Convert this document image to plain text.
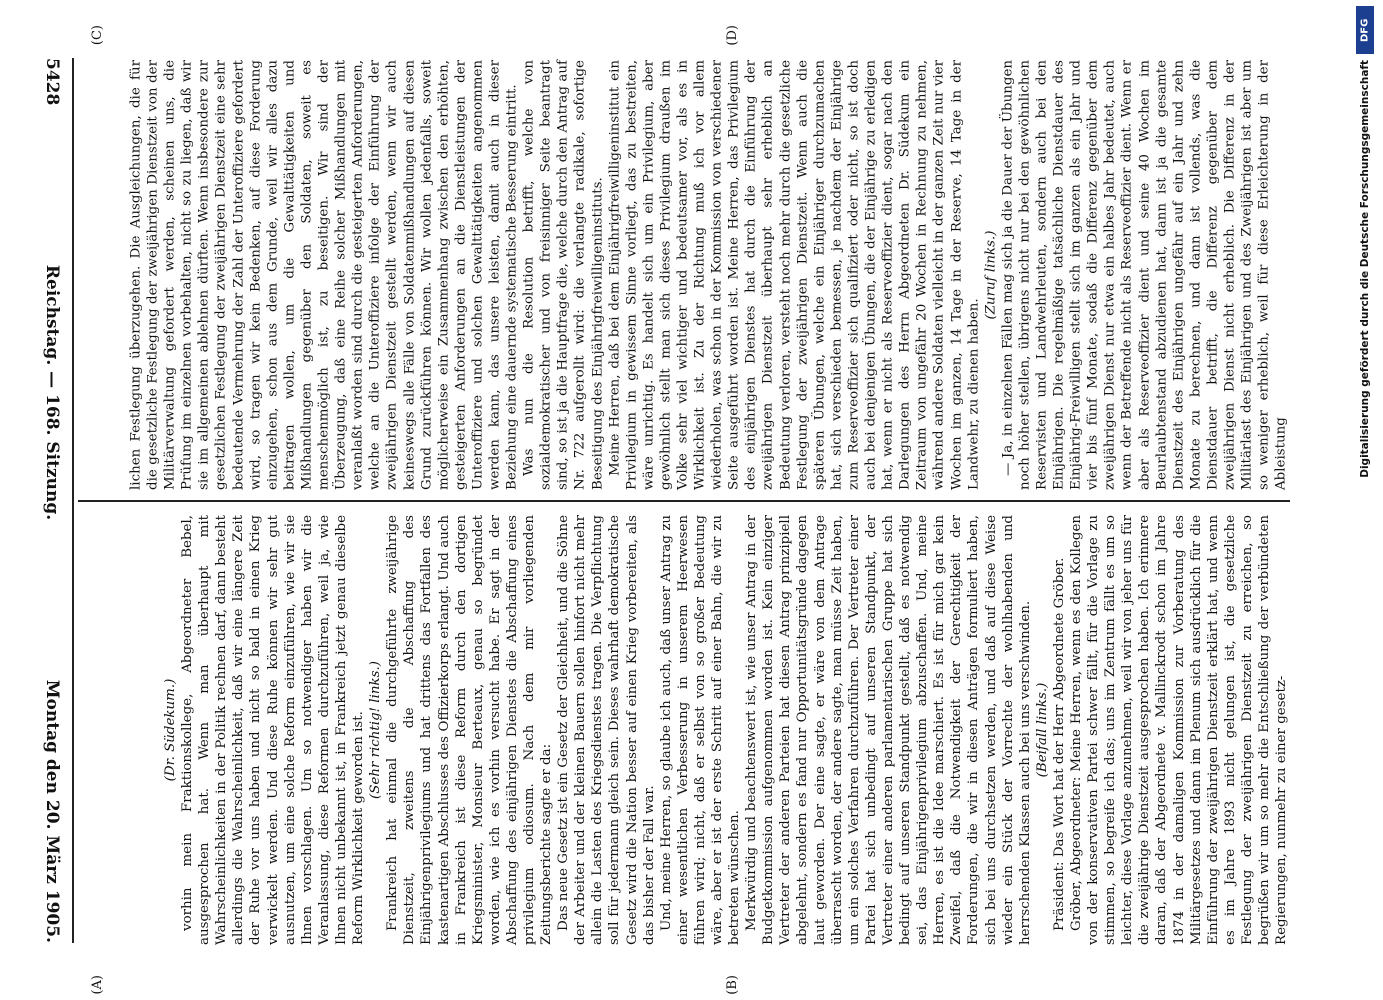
5428
Reichstag. — 168. Sitzung.
Montag den 20. März 1905.	(Dr. Südekum.) vorhin mein Fraktionskollege, Abgeordneter Bebel, ausgesprochen hat. Wenn man überhaupt mit Wahrscheinlichkeiten in der Politik rechnen darf, dann besteht allerdings die Wahrscheinlichkeit, daß wir eine längere Zeit der Ruhe vor uns haben und nicht so bald in einen Krieg verwickelt werden. Und diese Ruhe können wir sehr gut ausnutzen, um eine solche Reform einzuführen, wie wir sie Ihnen vorschlagen. Um so notwendiger haben wir die Veranlassung, diese Reformen durchzuführen, weil ja, wie Ihnen nicht unbekannt ist, in Frankreich jetzt genau dieselbe Reform Wirklichkeit geworden ist. (Sehr richtig! links.) Frankreich hat einmal die durchgeführte zweijährige Dienstzeit, zweitens die Abschaffung des Einjährigenprivilegiums und hat drittens das Fortfallen des kastenartigen Abschlusses des Offizierkorps erlangt. Und auch in Frankreich ist diese Reform durch den dortigen Kriegsminister, Monsieur Berteaux, genau so begründet worden, wie ich es vorhin versucht habe. Er sagt in der Abschaffung des einjährigen Dienstes die Abschaffung eines privilegium odiosum. Nach dem mir vorliegenden Zeitungsberichte sagte er da: Das neue Gesetz ist ein Gesetz der Gleichheit, und die Söhne der Arbeiter und der kleinen Bauern sollen hinfort nicht mehr allein die Lasten des Kriegsdienstes tragen. Die Verpflichtung soll für jedermann gleich sein. Dieses wahrhaft demokratische Gesetz wird die Nation besser auf einen Krieg vorbereiten, als das bisher der Fall war. Und, meine Herren, so glaube ich auch, daß unser Antrag zu einer wesentlichen Verbesserung in unserem Heerwesen führen wird; nicht, daß er selbst von so großer Bedeutung wäre, aber er ist der erste Schritt auf einer Bahn, die wir zu betreten wünschen. Merkwürdig und beachtenswert ist, wie unser Antrag in der Budgetkommission aufgenommen worden ist. Kein einziger Vertreter der anderen Parteien hat diesen Antrag prinzipiell abgelehnt, sondern es fand nur Opportunitätsgründe dagegen laut geworden. Der eine sagte, er wäre von dem Antrage überrascht worden, der andere sagte, man müsse Zeit haben, um ein solches Verfahren durchzuführen. Der Vertreter einer Partei hat sich unbedingt auf unseren Standpunkt, der Vertreter einer anderen parlamentarischen Gruppe hat sich bedingt auf unseren Standpunkt gestellt, daß es notwendig sei, das Einjährigenprivilegium abzuschaffen. Und, meine Herren, es ist die Idee marschiert. Es ist für mich gar kein Zweifel, daß die Notwendigkeit der Gerechtigkeit der Forderungen, die wir in diesen Anträgen formuliert haben, sich bei uns durchsetzen werden, und daß auf diese Weise wieder ein Stück der Vorrechte der wohlhabenden und herrschenden Klassen auch bei uns verschwinden. (Beifall links.) Präsident: Das Wort hat der Herr Abgeordnete Gröber. Gröber, Abgeordneter: Meine Herren, wenn es den Kollegen von der konservativen Partei schwer fällt, für die Vorlage zu stimmen, so begreife ich das; uns im Zentrum fällt es um so leichter, diese Vorlage anzunehmen, weil wir von jeher uns für die zweijährige Dienstzeit ausgesprochen haben. Ich erinnere daran, daß der Abgeordnete v. Mallinckrodt schon im Jahre 1874 in der damaligen Kommission zur Vorberatung des Militärgesetzes und dann im Plenum sich ausdrücklich für die Einführung der zweijährigen Dienstzeit erklärt hat, und wenn es im Jahre 1893 nicht gelungen ist, die gesetzliche Festlegung der zweijährigen Dienstzeit zu erreichen, so begrüßen wir um so mehr die Entschließung der verbündeten Regierungen, nunmehr zu einer gesetz-

lichen Festlegung überzugehen. Die Ausgleichungen, die für die gesetzliche Festlegung der zweijährigen Dienstzeit von der Militärverwaltung gefordert werden, scheinen uns, die Prüfung im einzelnen vorbehalten, nicht so zu liegen, daß wir sie im allgemeinen ablehnen dürften. Wenn insbesondere zur gesetzlichen Festlegung der zweijährigen Dienstzeit eine sehr bedeutende Vermehrung der Zahl der Unteroffiziere gefordert wird, so tragen wir kein Bedenken, auf diese Forderung einzugehen, schon aus dem Grunde, weil wir alles dazu beitragen wollen, um die Gewalttätigkeiten und Mißhandlungen gegenüber den Soldaten, soweit es menschenmöglich ist, zu beseitigen. Wir sind der Überzeugung, daß eine Reihe solcher Mißhandlungen mit veranlaßt worden sind durch die gesteigerten Anforderungen, welche an die Unteroffiziere infolge der Einführung der zweijährigen Dienstzeit gestellt werden, wenn wir auch keineswegs alle Fälle von Soldatenmißhandlungen auf diesen Grund zurückführen können. Wir wollen jedenfalls, soweit möglicherweise ein Zusammenhang zwischen den erhöhten, gesteigerten Anforderungen an die Dienstleistungen der Unteroffiziere und solchen Gewalttätigkeiten angenommen werden kann, das unsere leisten, damit auch in dieser Beziehung eine dauernde systematische Besserung eintritt. Was nun die Resolution betrifft, welche von sozialdemokratischer und von freisinniger Seite beantragt sind, so ist ja die Hauptfrage die, welche durch den Antrag auf Nr. 722 aufgerollt wird: die verlangte radikale, sofortige Beseitigung des Einjährigfreiwilligeninstituts. Meine Herren, daß bei dem Einjährigfreiwilligeninstitut ein Privilegium in gewissem Sinne vorliegt, das zu bestreiten, wäre unrichtig. Es handelt sich um ein Privilegium, aber gewöhnlich stellt man sich dieses Privilegium draußen im Volke sehr viel wichtiger und bedeutsamer vor, als es in Wirklichkeit ist. Zu der Richtung muß ich vor allem wiederholen, was schon in der Kommission von verschiedener Seite ausgeführt worden ist. Meine Herren, das Privilegium des einjährigen Dienstes hat durch die Einführung der zweijährigen Dienstzeit überhaupt sehr erheblich an Bedeutung verloren, versteht noch mehr durch die gesetzliche Festlegung der zweijährigen Dienstzeit. Wenn auch die späteren Übungen, welche ein Einjähriger durchzumachen hat, sich verschieden bemessen, je nachdem der Einjährige zum Reserveoffizier sich qualifiziert oder nicht, so ist doch auch bei denjenigen Übungen, die der Einjährige zu erledigen hat, wenn er nicht als Reserveoffizier dient, sogar nach den Darlegungen des Herrn Abgeordneten Dr. Südekum ein Zeitraum von ungefähr 20 Wochen in Rechnung zu nehmen, während andere Soldaten vielleicht in der ganzen Zeit nur vier Wochen im ganzen, 14 Tage in der Reserve, 14 Tage in der Landwehr, zu dienen haben.

(Zuruf links.) — Ja, in einzelnen Fällen mag sich ja die Dauer der Übungen noch höher stellen, übrigens nicht nur bei den gewöhnlichen Reservisten und Landwehrleuten, sondern auch bei den Einjährigen. Die regelmäßige tatsächliche Dienstdauer des Einjährig-Freiwilligen stellt sich im ganzen als ein Jahr und vier bis fünf Monate, sodaß die Differenz gegenüber dem zweijährigen Dienst nur etwa ein halbes Jahr bedeutet, auch wenn der Betreffende nicht als Reserveoffizier dient. Wenn er aber als Reserveoffizier dient und seine 40 Wochen im Beurlaubtenstand abzudienen hat, dann ist ja die gesamte Dienstzeit des Einjährigen ungefähr auf ein Jahr und zehn Monate zu berechnen, und dann ist vollends, was die Dienstdauer betrifft, die Differenz gegenüber dem zweijährigen Dienst nicht erheblich. Die Differenz in der Militärlast des Einjährigen und des Zweijährigen ist aber um so weniger erheblich, weil für diese Erleichterung in der Ableistung

(A)	(B)
(C)	(D)	DFG
Digitalisierung gefördert durch die Deutsche Forschungsgemeinschaft
